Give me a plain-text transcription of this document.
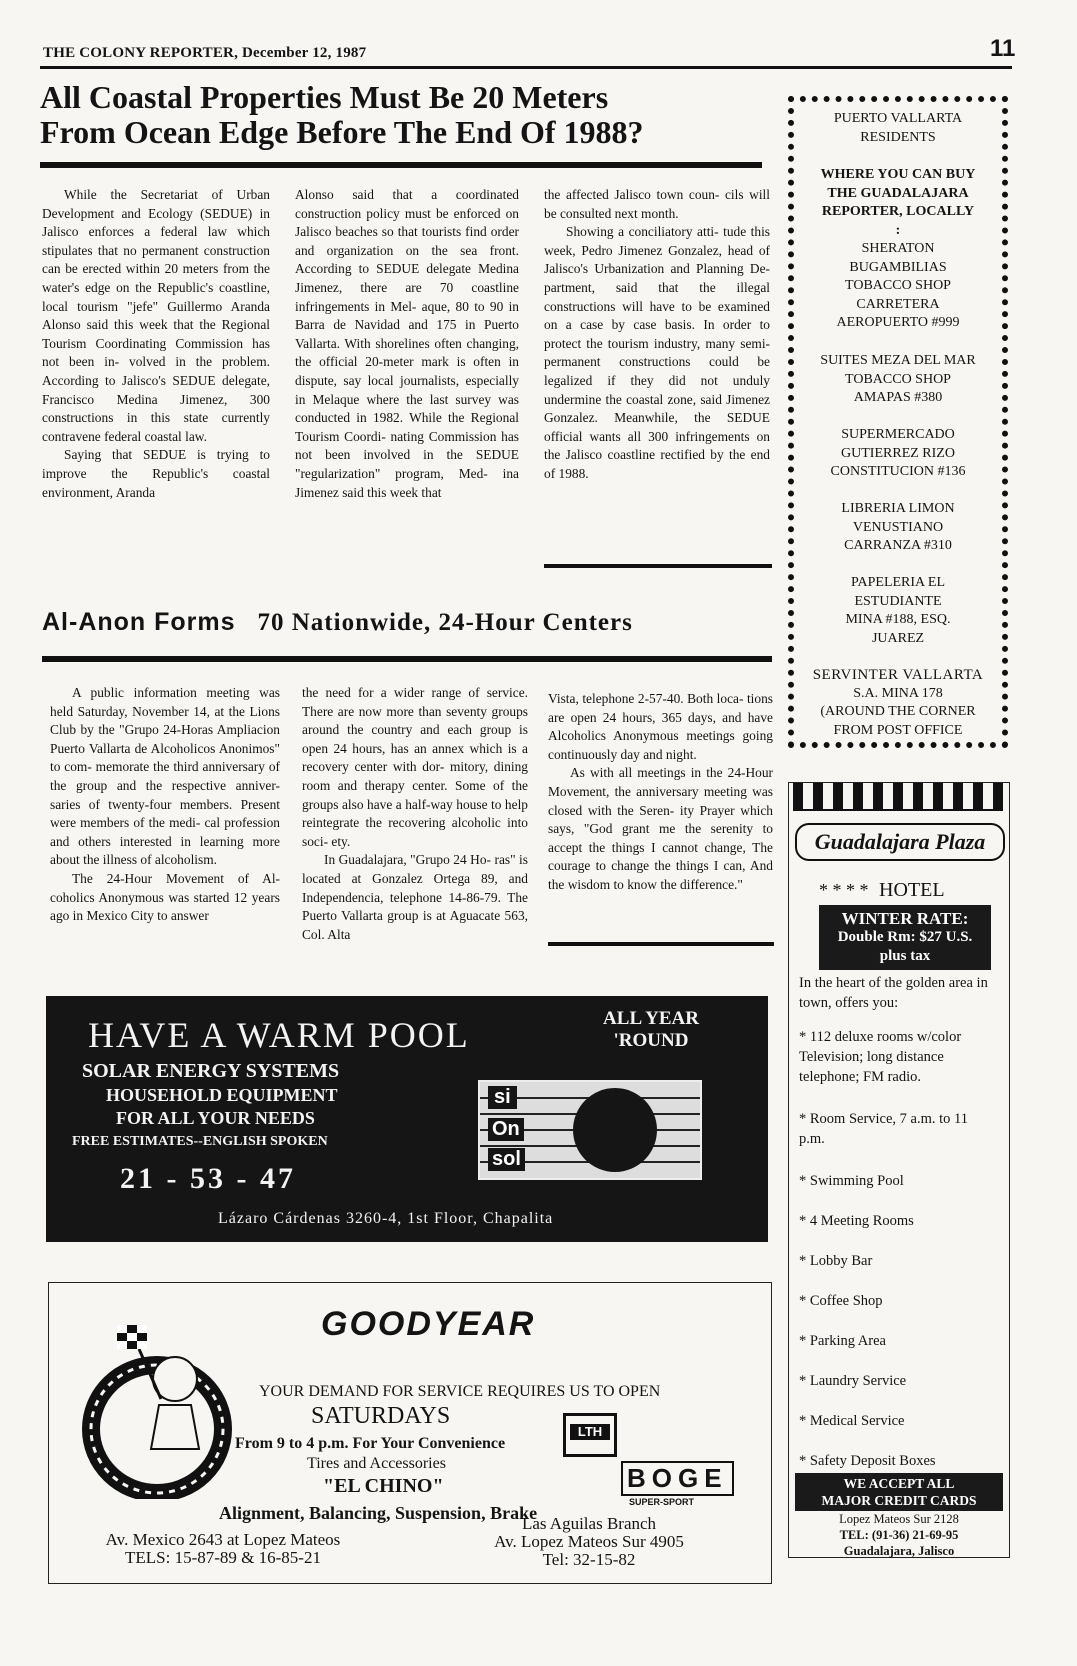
THE COLONY REPORTER, December 12, 1987	11
All Coastal Properties Must Be 20 Meters
From Ocean Edge Before The End Of 1988?

While the Secretariat of Urban Development and Ecology (SEDUE) in Jalisco enforces a federal law which stipulates that no permanent construction can be erected within 20 meters from the water's edge on the Republic's coastline, local tourism "jefe" Guillermo Aranda Alonso said this week that the Regional Tourism Coordinating Commission has not been in- volved in the problem. According to Jalisco's SEDUE delegate, Francisco Medina Jimenez, 300 constructions in this state currently contravene federal coastal law.

Saying that SEDUE is trying to improve the Republic's coastal environment, Aranda

Alonso said that a coordinated construction policy must be enforced on Jalisco beaches so that tourists find order and organization on the sea front. According to SEDUE delegate Medina Jimenez, there are 70 coastline infringements in Mel- aque, 80 to 90 in Barra de Navidad and 175 in Puerto Vallarta. With shorelines often changing, the official 20-meter mark is often in dispute, say local journalists, especially in Melaque where the last survey was conducted in 1982. While the Regional Tourism Coordi- nating Commission has not been involved in the SEDUE "regularization" program, Med- ina Jimenez said this week that

the affected Jalisco town coun- cils will be consulted next month.

Showing a conciliatory atti- tude this week, Pedro Jimenez Gonzalez, head of Jalisco's Urbanization and Planning De- partment, said that the illegal constructions will have to be examined on a case by case basis. In order to protect the tourism industry, many semi- permanent constructions could be legalized if they did not unduly undermine the coastal zone, said Jimenez Gonzalez. Meanwhile, the SEDUE official wants all 300 infringements on the Jalisco coastline rectified by the end of 1988.

Al-Anon Forms 70 Nationwide, 24-Hour Centers

A public information meeting was held Saturday, November 14, at the Lions Club by the "Grupo 24-Horas Ampliacion Puerto Vallarta de Alcoholicos Anonimos" to com- memorate the third anniversary of the group and the respective anniver- saries of twenty-four members. Present were members of the medi- cal profession and others interested in learning more about the illness of alcoholism.

The 24-Hour Movement of Al- coholics Anonymous was started 12 years ago in Mexico City to answer

the need for a wider range of service. There are now more than seventy groups around the country and each group is open 24 hours, has an annex which is a recovery center with dor- mitory, dining room and therapy center. Some of the groups also have a half-way house to help reintegrate the recovering alcoholic into soci- ety.

In Guadalajara, "Grupo 24 Ho- ras" is located at Gonzalez Ortega 89, and Independencia, telephone 14-86-79. The Puerto Vallarta group is at Aguacate 563, Col. Alta

Vista, telephone 2-57-40. Both loca- tions are open 24 hours, 365 days, and have Alcoholics Anonymous meetings going continuously day and night.

As with all meetings in the 24-Hour Movement, the anniversary meeting was closed with the Seren- ity Prayer which says, "God grant me the serenity to accept the things I cannot change, The courage to change the things I can, And the wisdom to know the difference."

PUERTO VALLARTA
RESIDENTS
WHERE YOU CAN BUY
THE GUADALAJARA
REPORTER, LOCALLY
:
SHERATON
BUGAMBILIAS
TOBACCO SHOP
CARRETERA
AEROPUERTO #999
SUITES MEZA DEL MAR
TOBACCO SHOP
AMAPAS #380
SUPERMERCADO
GUTIERREZ RIZO
CONSTITUCION #136
LIBRERIA LIMON
VENUSTIANO
CARRANZA #310
PAPELERIA EL
ESTUDIANTE
MINA #188, ESQ.
JUAREZ
SERVINTER VALLARTA
S.A. MINA 178
(AROUND THE CORNER
FROM POST OFFICE
HAVE A WARM POOL	ALL YEAR
'ROUND
SOLAR ENERGY SYSTEMS
HOUSEHOLD EQUIPMENT
FOR ALL YOUR NEEDS
FREE ESTIMATES--ENGLISH SPOKEN
21 - 53 - 47
Lázaro Cárdenas 3260-4, 1st Floor, Chapalita
si
On
sol
Guadalajara Plaza
* * * * HOTEL
WINTER RATE:
Double Rm: $27 U.S.
plus tax
In the heart of the golden area in town, offers you:
* 112 deluxe rooms w/color Television; long distance telephone; FM radio.
* Room Service, 7 a.m. to 11 p.m.
* Swimming Pool
* 4 Meeting Rooms
* Lobby Bar
* Coffee Shop
* Parking Area
* Laundry Service
* Medical Service
* Safety Deposit Boxes
WE ACCEPT ALL
MAJOR CREDIT CARDS
Lopez Mateos Sur 2128
TEL: (91-36) 21-69-95
Guadalajara, Jalisco
GOODYEAR
YOUR DEMAND FOR SERVICE REQUIRES US TO OPEN
SATURDAYS
From 9 to 4 p.m. For Your Convenience
Tires and Accessories
"EL CHINO"
Alignment, Balancing, Suspension, Brake
Av. Mexico 2643 at Lopez Mateos
TELS: 15-87-89 & 16-85-21
Las Aguilas Branch
Av. Lopez Mateos Sur 4905
Tel: 32-15-82
LTH
BOGE
SUPER-SPORT
